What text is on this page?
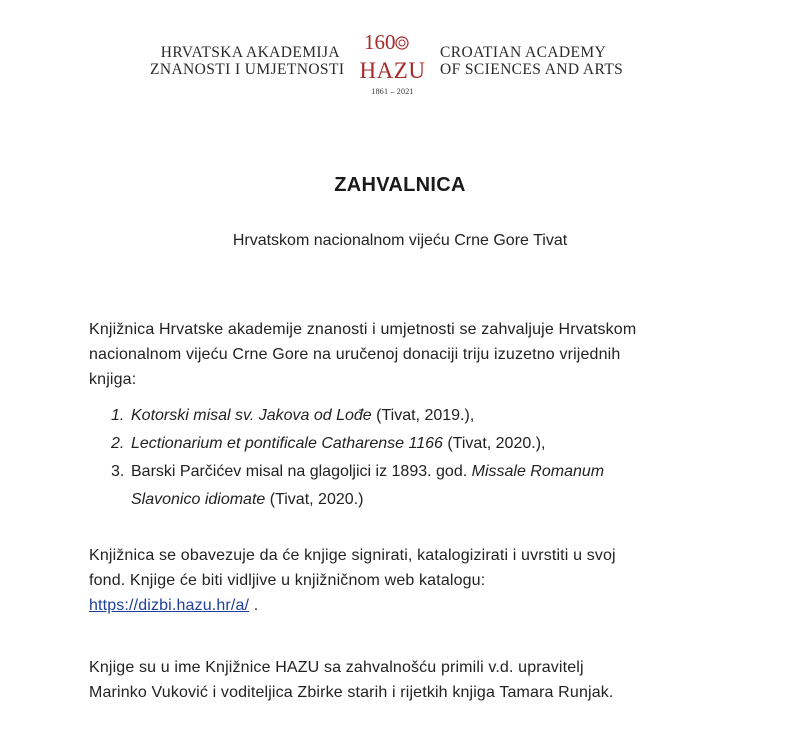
HRVATSKA AKADEMIJA
ZNANOSTI I UMJETNOSTI
160
HAZU
1861 – 2021
CROATIAN ACADEMY
OF SCIENCES AND ARTS
ZAHVALNICA
Hrvatskom nacionalnom vijeću Crne Gore Tivat
Knjižnica Hrvatske akademije znanosti i umjetnosti se zahvaljuje Hrvatskom
nacionalnom vijeću Crne Gore na uručenoj donaciji triju izuzetno vrijednih
knjiga:
1. Kotorski misal sv. Jakova od Lođe (Tivat, 2019.),
2. Lectionarium et pontificale Catharense 1166 (Tivat, 2020.),
3. Barski Parčićev misal na glagoljici iz 1893. god. Missale Romanum
Slavonico idiomate (Tivat, 2020.)
Knjižnica se obavezuje da će knjige signirati, katalogizirati i uvrstiti u svoj
fond. Knjige će biti vidljive u knjižničnom web katalogu:
https://dizbi.hazu.hr/a/ .
Knjige su u ime Knjižnice HAZU sa zahvalnošću primili v.d. upravitelj
Marinko Vuković i voditeljica Zbirke starih i rijetkih knjiga Tamara Runjak.
